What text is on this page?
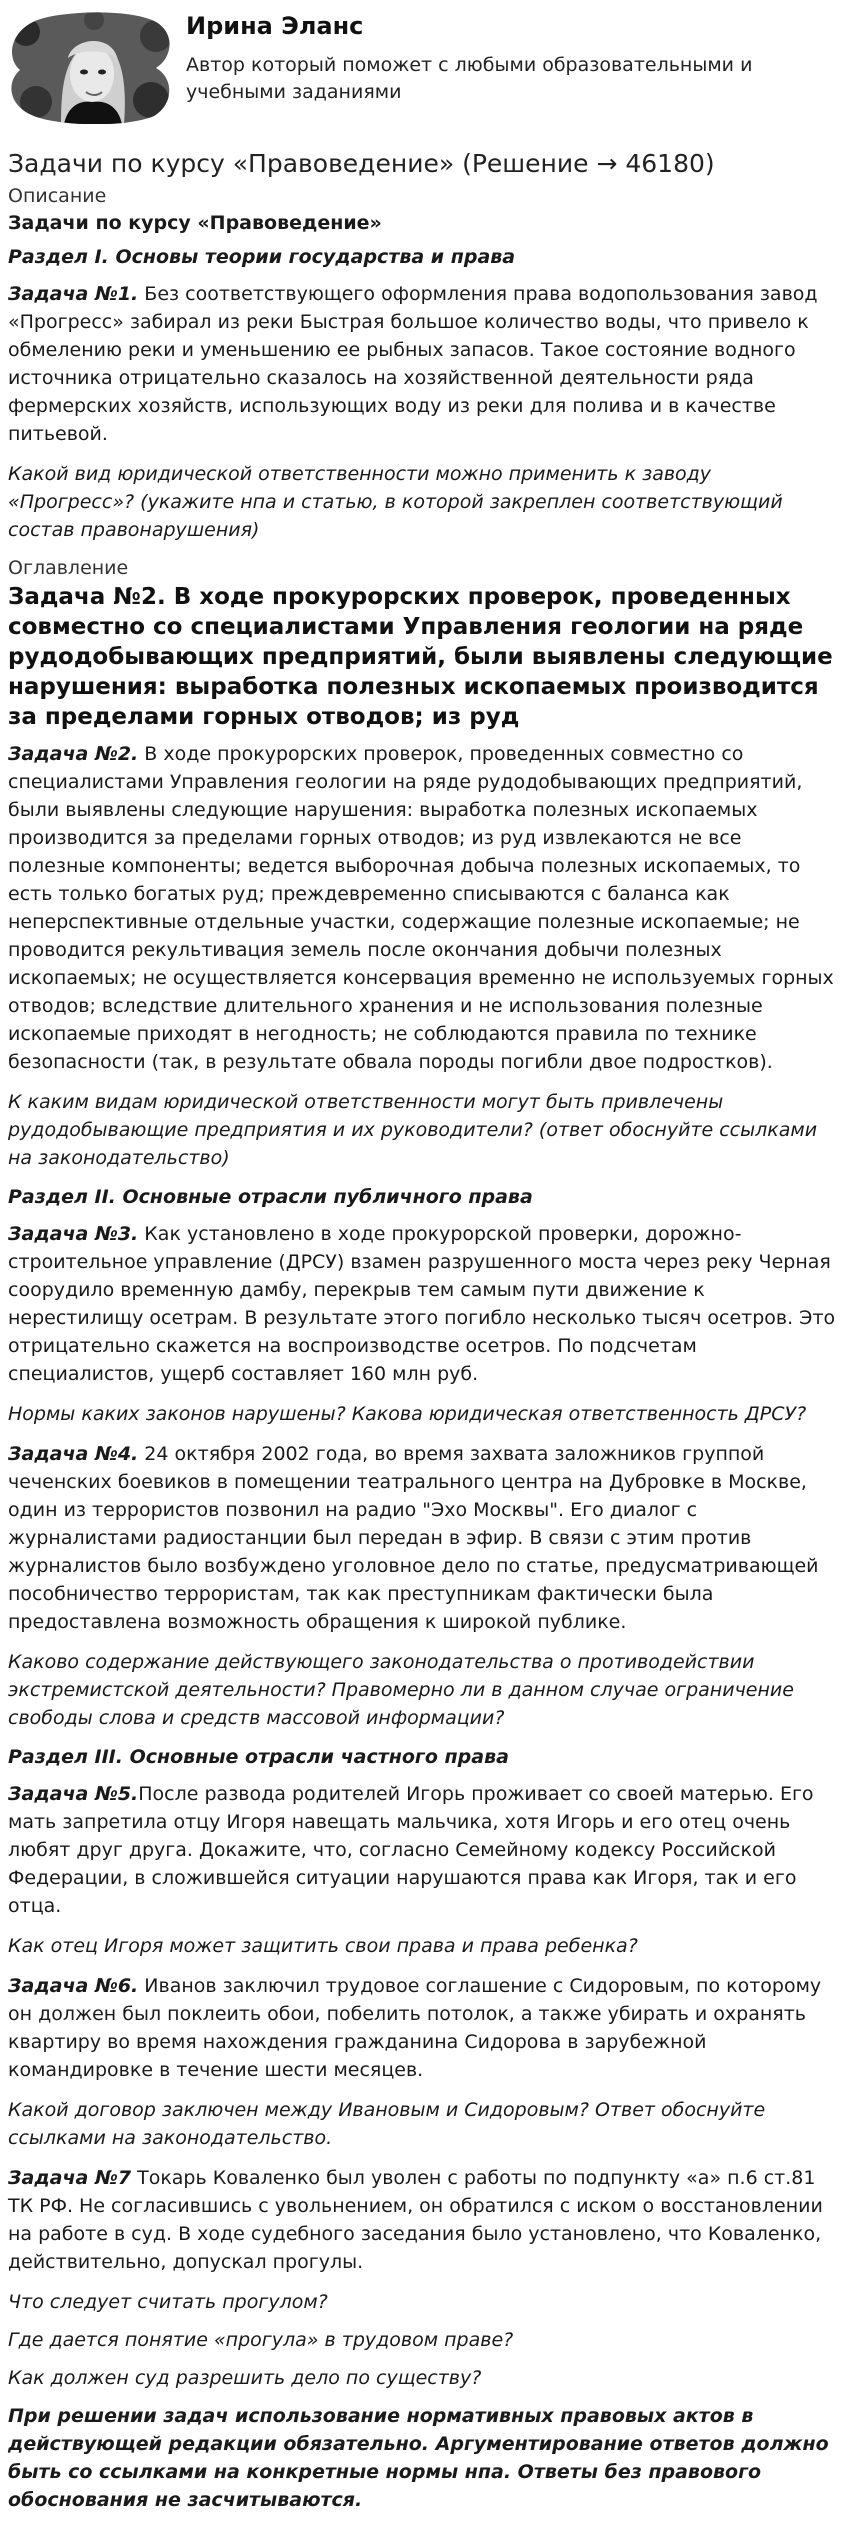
Ирина Эланс
Автор который поможет с любыми образовательными и учебными заданиями
Задачи по курсу «Правоведение» (Решение → 46180)
Описание
Задачи по курсу «Правоведение»
Раздел I. Основы теории государства и права

Задача №1. Без соответствующего оформления права водопользования завод «Прогресс» забирал из реки Быстрая большое количество воды, что привело к обмелению реки и уменьшению ее рыбных запасов. Такое состояние водного источника отрицательно сказалось на хозяйственной деятельности ряда фермерских хозяйств, использующих воду из реки для полива и в качестве питьевой.

Какой вид юридической ответственности можно применить к заводу «Прогресс»? (укажите нпа и статью, в которой закреплен соответствующий состав правонарушения)

Оглавление
Задача №2. В ходе прокурорских проверок, проведенных совместно со специалистами Управления геологии на ряде рудодобывающих предприятий, были выявлены следующие нарушения: выработка полезных ископаемых производится за пределами горных отводов; из руд

Задача №2. В ходе прокурорских проверок, проведенных совместно со специалистами Управления геологии на ряде рудодобывающих предприятий, были выявлены следующие нарушения: выработка полезных ископаемых производится за пределами горных отводов; из руд извлекаются не все полезные компоненты; ведется выборочная добыча полезных ископаемых, то есть только богатых руд; преждевременно списываются с баланса как неперспективные отдельные участки, содержащие полезные ископаемые; не проводится рекультивация земель после окончания добычи полезных ископаемых; не осуществляется консервация временно не используемых горных отводов; вследствие длительного хранения и не использования полезные ископаемые приходят в негодность; не соблюдаются правила по технике безопасности (так, в результате обвала породы погибли двое подростков).

К каким видам юридической ответственности могут быть привлечены рудодобывающие предприятия и их руководители? (ответ обоснуйте ссылками на законодательство)

Раздел II. Основные отрасли публичного права

Задача №3. Как установлено в ходе прокурорской проверки, дорожно-строительное управление (ДРСУ) взамен разрушенного моста через реку Черная соорудило временную дамбу, перекрыв тем самым пути движение к нерестилищу осетрам. В результате этого погибло несколько тысяч осетров. Это отрицательно скажется на воспроизводстве осетров. По подсчетам специалистов, ущерб составляет 160 млн руб.

Нормы каких законов нарушены? Какова юридическая ответственность ДРСУ?

Задача №4. 24 октября 2002 года, во время захвата заложников группой чеченских боевиков в помещении театрального центра на Дубровке в Москве, один из террористов позвонил на радио "Эхо Москвы". Его диалог с журналистами радиостанции был передан в эфир. В связи с этим против журналистов было возбуждено уголовное дело по статье, предусматривающей пособничество террористам, так как преступникам фактически была предоставлена возможность обращения к широкой публике.

Каково содержание действующего законодательства о противодействии экстремистской деятельности? Правомерно ли в данном случае ограничение свободы слова и средств массовой информации?

Раздел III. Основные отрасли частного права

Задача №5.После развода родителей Игорь проживает со своей матерью. Его мать запретила отцу Игоря навещать мальчика, хотя Игорь и его отец очень любят друг друга. Докажите, что, согласно Семейному кодексу Российской Федерации, в сложившейся ситуации нарушаются права как Игоря, так и его отца.

Как отец Игоря может защитить свои права и права ребенка?

Задача №6. Иванов заключил трудовое соглашение с Сидоровым, по которому он должен был поклеить обои, побелить потолок, а также убирать и охранять квартиру во время нахождения гражданина Сидорова в зарубежной командировке в течение шести месяцев.

Какой договор заключен между Ивановым и Сидоровым? Ответ обоснуйте ссылками на законодательство.

Задача №7 Токарь Коваленко был уволен с работы по подпункту «а» п.6 ст.81 ТК РФ. Не согласившись с увольнением, он обратился с иском о восстановлении на работе в суд. В ходе судебного заседания было установлено, что Коваленко, действительно, допускал прогулы.

Что следует считать прогулом?

Где дается понятие «прогула» в трудовом праве?

Как должен суд разрешить дело по существу?

При решении задач использование нормативных правовых актов в действующей редакции обязательно. Аргументирование ответов должно быть со ссылками на конкретные нормы нпа. Ответы без правового обоснования не засчитываются.
